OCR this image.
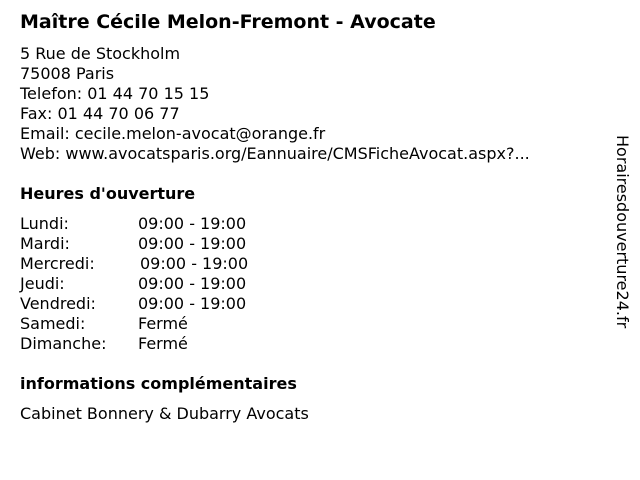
Maître Cécile Melon-Fremont - Avocate
5 Rue de Stockholm
75008 Paris
Telefon: 01 44 70 15 15
Fax: 01 44 70 06 77
Email: cecile.melon-avocat@orange.fr
Web: www.avocatsparis.org/Eannuaire/CMSFicheAvocat.aspx?...
Heures d'ouverture
Lundi:	09:00 - 19:00
Mardi:	09:00 - 19:00
Mercredi:	09:00 - 19:00
Jeudi:	09:00 - 19:00
Vendredi:	09:00 - 19:00
Samedi:	Fermé
Dimanche: Fermé
informations complémentaires
Cabinet Bonnery & Dubarry Avocats
Horairesdouverture24.fr
